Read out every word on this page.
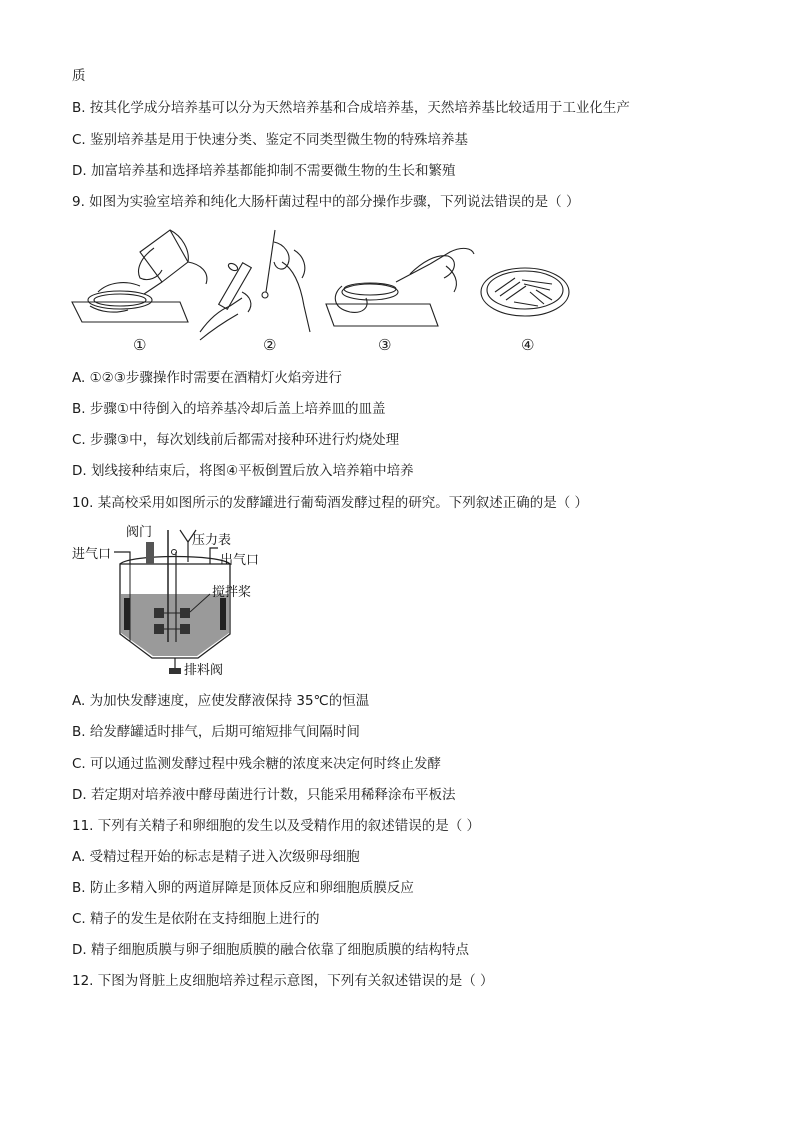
质
B. 按其化学成分培养基可以分为天然培养基和合成培养基，天然培养基比较适用于工业化生产
C. 鉴别培养基是用于快速分类、鉴定不同类型微生物的特殊培养基
D. 加富培养基和选择培养基都能抑制不需要微生物的生长和繁殖
9. 如图为实验室培养和纯化大肠杆菌过程中的部分操作步骤，下列说法错误的是（ ）
①	②	③	④
A. ①②③步骤操作时需要在酒精灯火焰旁进行
B. 步骤①中待倒入的培养基冷却后盖上培养皿的皿盖
C. 步骤③中，每次划线前后都需对接种环进行灼烧处理
D. 划线接种结束后，将图④平板倒置后放入培养箱中培养
10. 某高校采用如图所示的发酵罐进行葡萄酒发酵过程的研究。下列叙述正确的是（ ）
阀门
压力表
进气口	出气口
搅拌桨
排料阀
A. 为加快发酵速度，应使发酵液保持 35℃的恒温
B. 给发酵罐适时排气，后期可缩短排气间隔时间
C. 可以通过监测发酵过程中残余糖的浓度来决定何时终止发酵
D. 若定期对培养液中酵母菌进行计数，只能采用稀释涂布平板法
11. 下列有关精子和卵细胞的发生以及受精作用的叙述错误的是（ ）
A. 受精过程开始的标志是精子进入次级卵母细胞
B. 防止多精入卵的两道屏障是顶体反应和卵细胞质膜反应
C. 精子的发生是依附在支持细胞上进行的
D. 精子细胞质膜与卵子细胞质膜的融合依靠了细胞质膜的结构特点
12. 下图为肾脏上皮细胞培养过程示意图，下列有关叙述错误的是（ ）
